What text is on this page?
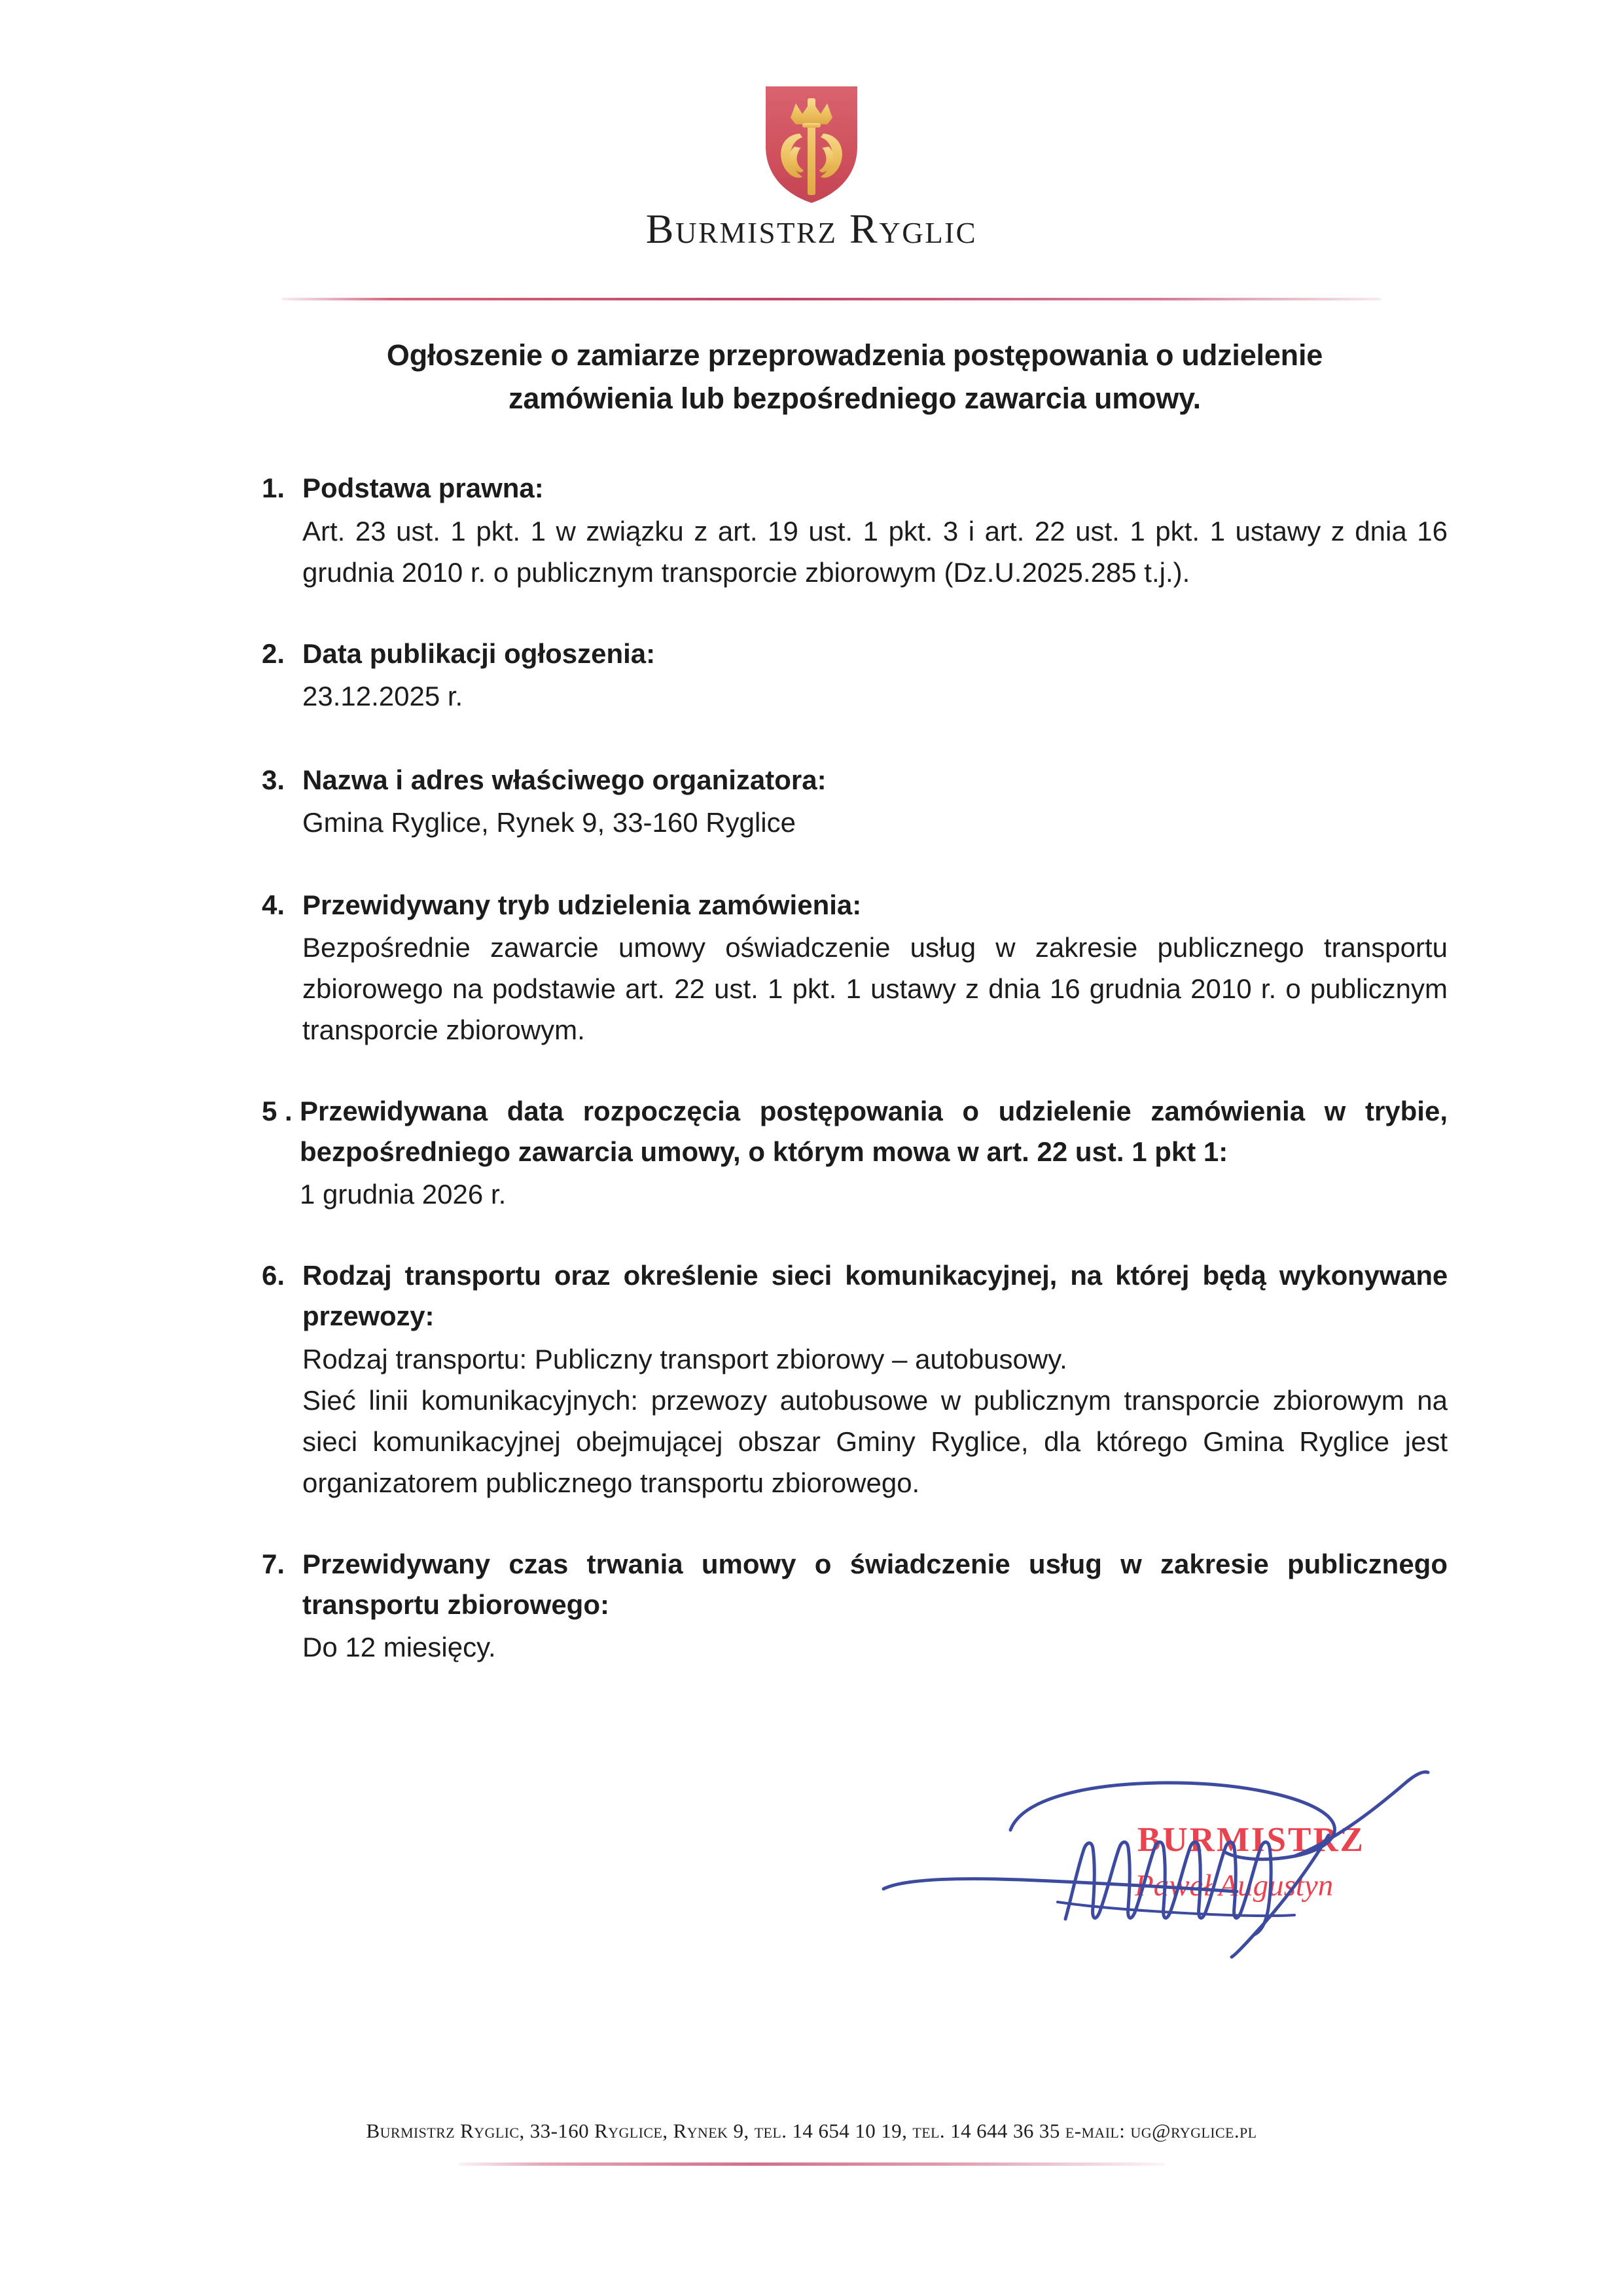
Burmistrz Ryglic
Ogłoszenie o zamiarze przeprowadzenia postępowania o udzielenie zamówienia lub bezpośredniego zawarcia umowy.
1. Podstawa prawna:
Art. 23 ust. 1 pkt. 1 w związku z art. 19 ust. 1 pkt. 3 i art. 22 ust. 1 pkt. 1 ustawy z dnia 16 grudnia 2010 r. o publicznym transporcie zbiorowym (Dz.U.2025.285 t.j.).
2. Data publikacji ogłoszenia:
23.12.2025 r.
3. Nazwa i adres właściwego organizatora:
Gmina Ryglice, Rynek 9, 33-160 Ryglice
4. Przewidywany tryb udzielenia zamówienia:
Bezpośrednie zawarcie umowy oświadczenie usług w zakresie publicznego transportu zbiorowego na podstawie art. 22 ust. 1 pkt. 1 ustawy z dnia 16 grudnia 2010 r. o publicznym transporcie zbiorowym.
5 . Przewidywana data rozpoczęcia postępowania o udzielenie zamówienia w trybie, bezpośredniego zawarcia umowy, o którym mowa w art. 22 ust. 1 pkt 1:
1 grudnia 2026 r.
6. Rodzaj transportu oraz określenie sieci komunikacyjnej, na której będą wykonywane przewozy:

Rodzaj transportu: Publiczny transport zbiorowy – autobusowy.

Sieć linii komunikacyjnych: przewozy autobusowe w publicznym transporcie zbiorowym na sieci komunikacyjnej obejmującej obszar Gminy Ryglice, dla którego Gmina Ryglice jest organizatorem publicznego transportu zbiorowego.

7. Przewidywany czas trwania umowy o świadczenie usług w zakresie publicznego transportu zbiorowego:
Do 12 miesięcy.
BURMISTRZ
Paweł Augustyn
Burmistrz Ryglic, 33-160 Ryglice, Rynek 9, tel. 14 654 10 19, tel. 14 644 36 35 e-mail: ug@ryglice.pl
